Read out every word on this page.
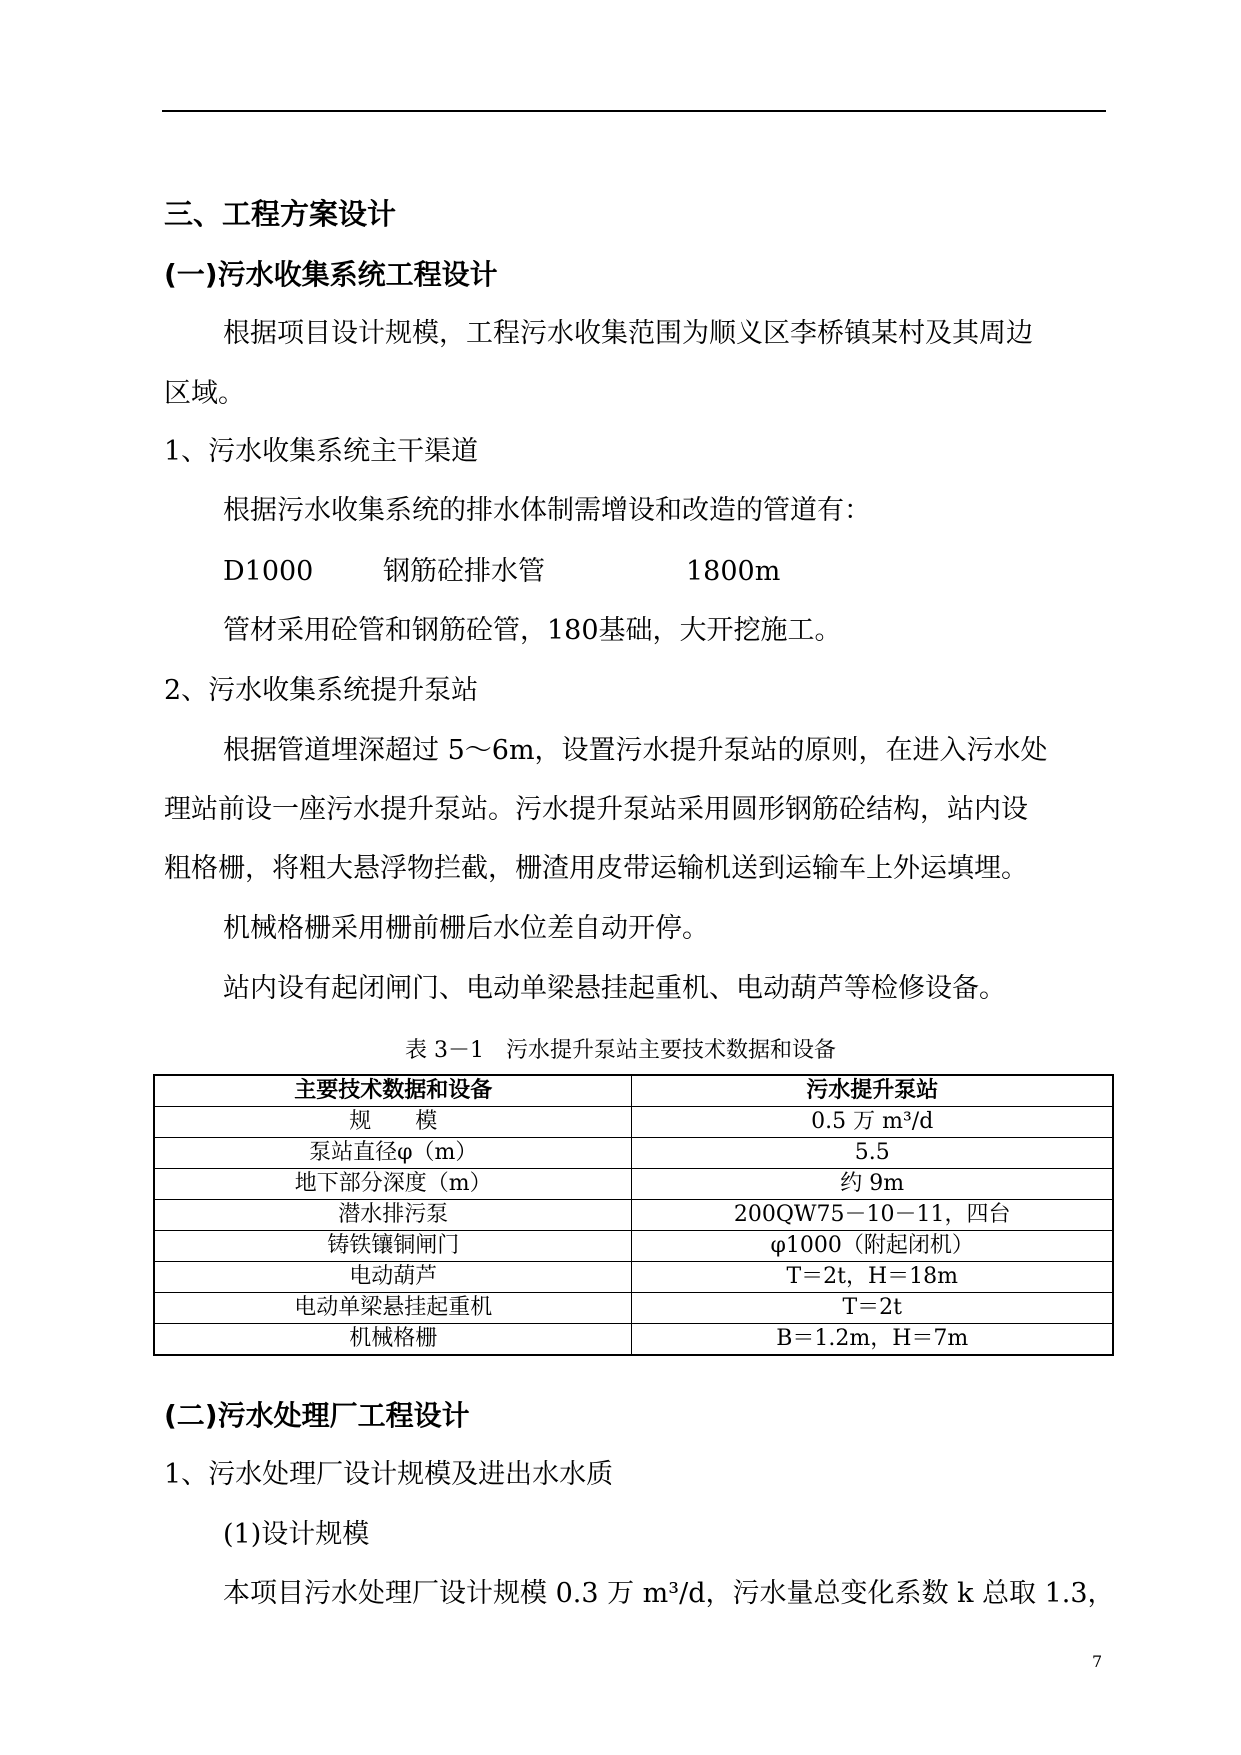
三、工程方案设计
(一)污水收集系统工程设计
根据项目设计规模，工程污水收集范围为顺义区李桥镇某村及其周边
区域。
1、污水收集系统主干渠道
根据污水收集系统的排水体制需增设和改造的管道有：
D1000	钢筋砼排水管	1800m
管材采用砼管和钢筋砼管，180基础，大开挖施工。
2、污水收集系统提升泵站
根据管道埋深超过 5～6m，设置污水提升泵站的原则，在进入污水处
理站前设一座污水提升泵站。污水提升泵站采用圆形钢筋砼结构，站内设
粗格栅，将粗大悬浮物拦截，栅渣用皮带运输机送到运输车上外运填埋。
机械格栅采用栅前栅后水位差自动开停。
站内设有起闭闸门、电动单梁悬挂起重机、电动葫芦等检修设备。
表 3－1　污水提升泵站主要技术数据和设备
主要技术数据和设备	污水提升泵站
规　　模	0.5 万 m³/d
泵站直径φ（m）	5.5
地下部分深度（m）	约 9m
潜水排污泵	200QW75－10－11，四台
铸铁镶铜闸门	φ1000（附起闭机）
电动葫芦	T＝2t，H＝18m
电动单梁悬挂起重机	T＝2t
机械格栅	B＝1.2m，H＝7m
(二)污水处理厂工程设计
1、污水处理厂设计规模及进出水水质
(1)设计规模
本项目污水处理厂设计规模 0.3 万 m³/d，污水量总变化系数 k 总取 1.3，
7
